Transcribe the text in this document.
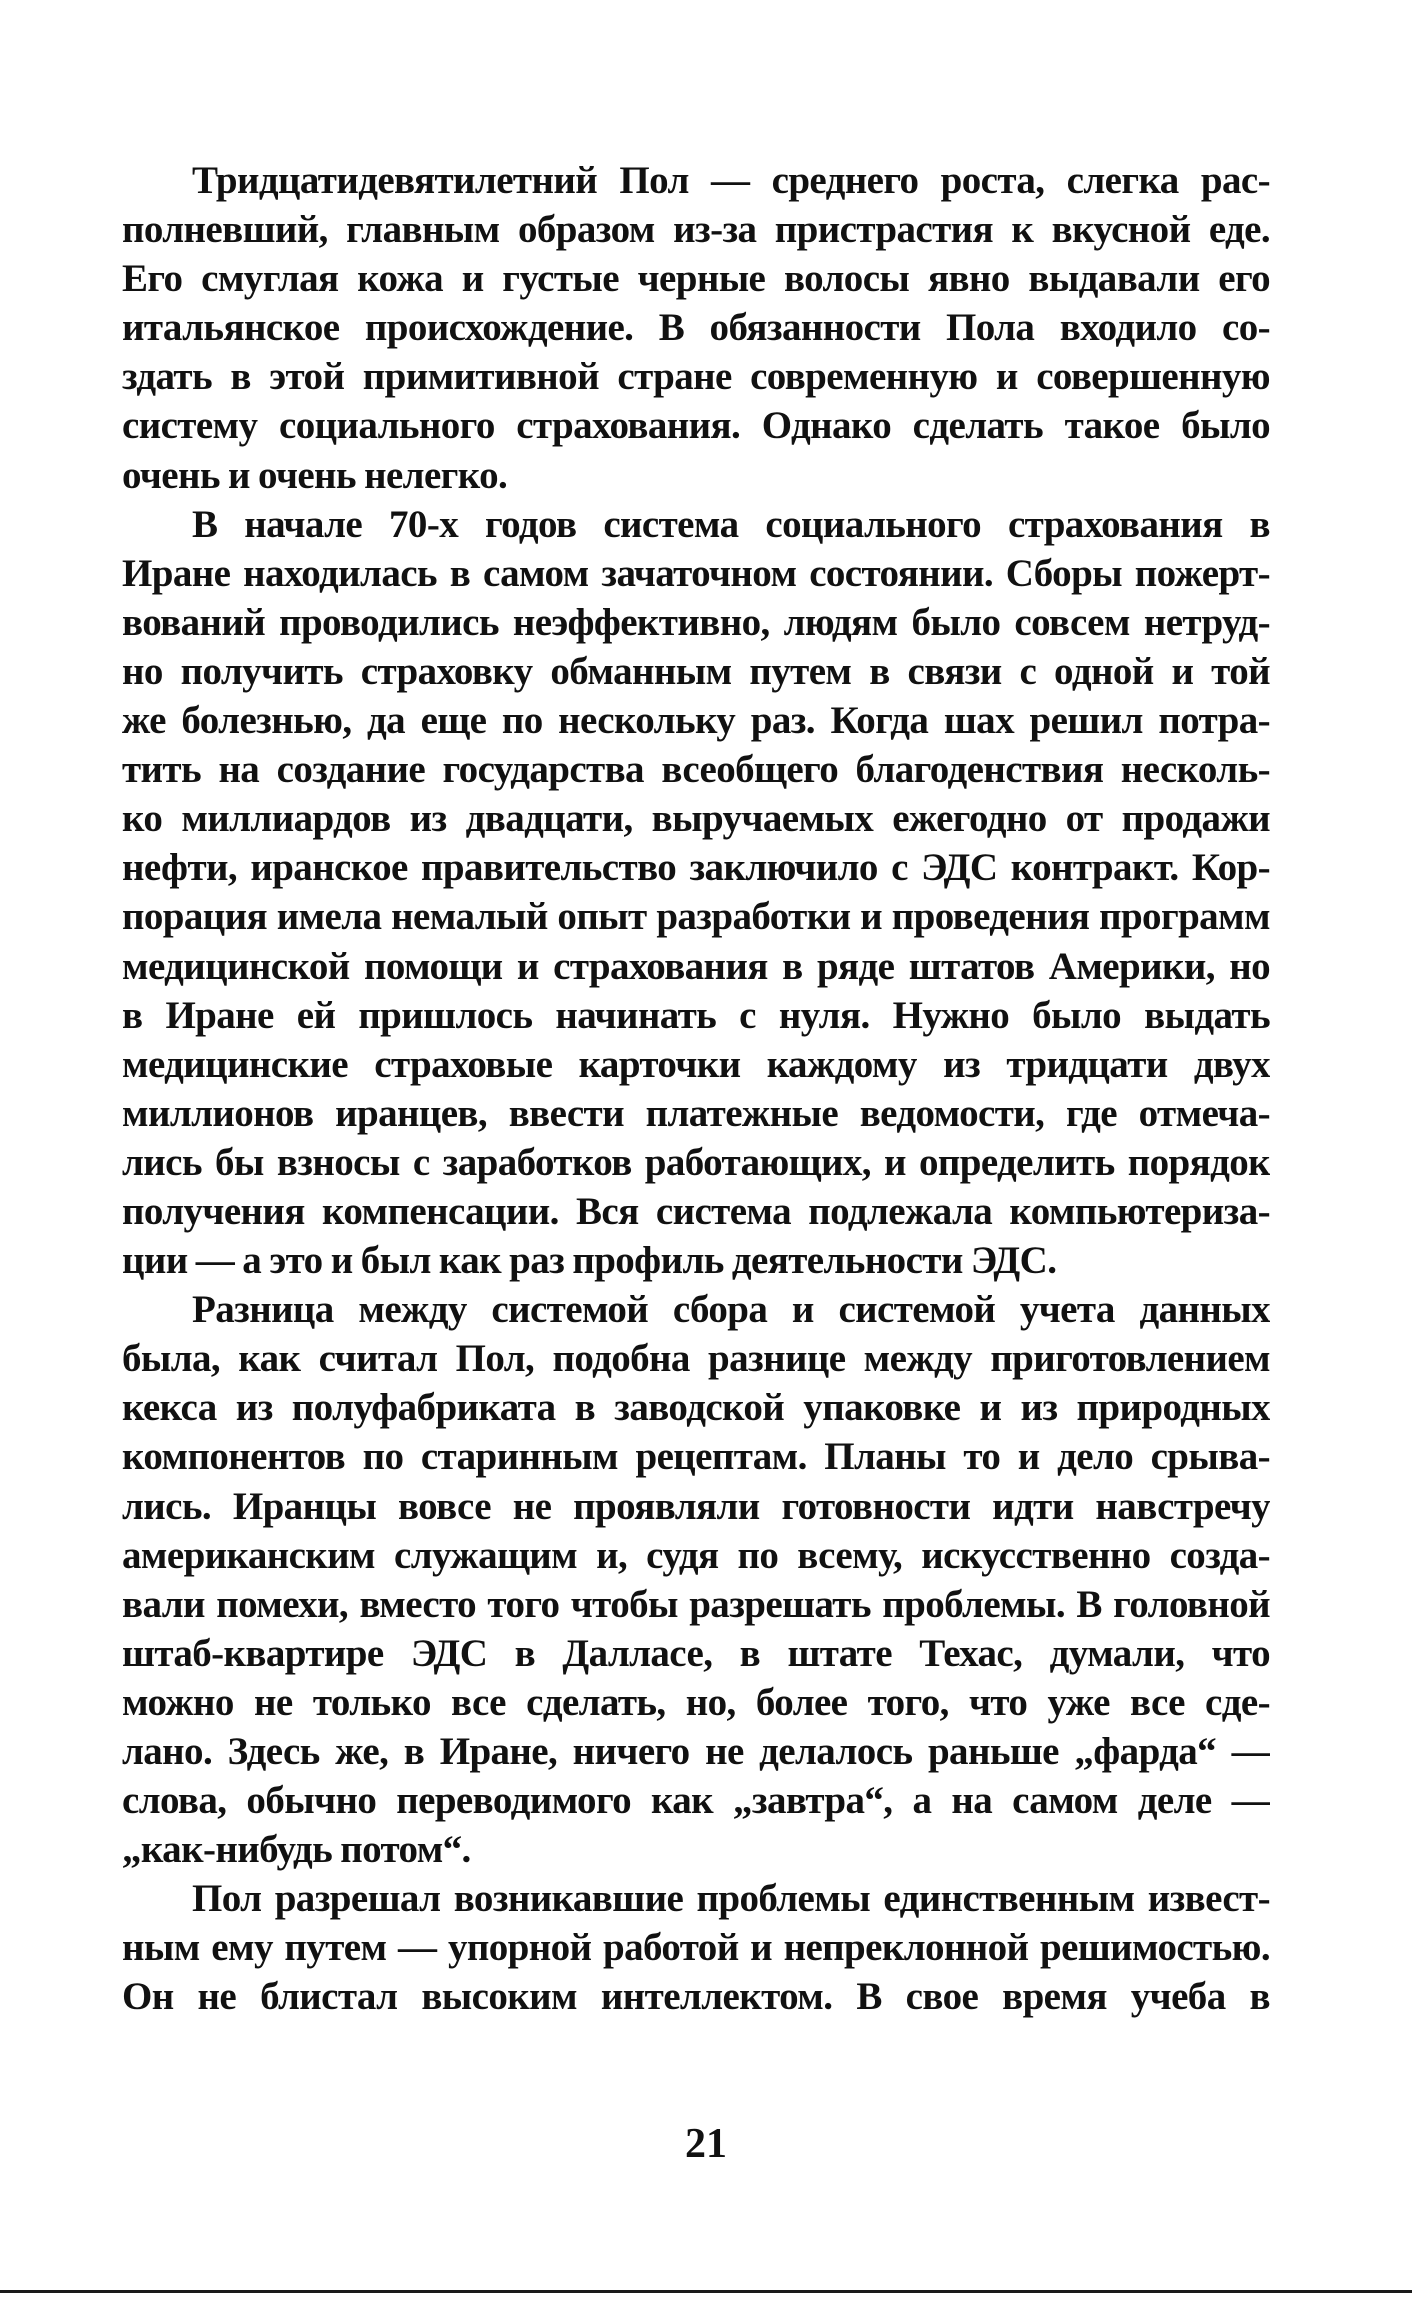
Тридцатидевятилетний Пол — среднего роста, слегка рас-
полневший, главным образом из-за пристрастия к вкусной еде.
Его смуглая кожа и густые черные волосы явно выдавали его
итальянское происхождение. В обязанности Пола входило со-
здать в этой примитивной стране современную и совершенную
систему социального страхования. Однако сделать такое было
очень и очень нелегко.

В начале 70-х годов система социального страхования в
Иране находилась в самом зачаточном состоянии. Сборы пожерт-
вований проводились неэффективно, людям было совсем нетруд-
но получить страховку обманным путем в связи с одной и той
же болезнью, да еще по нескольку раз. Когда шах решил потра-
тить на создание государства всеобщего благоденствия несколь-
ко миллиардов из двадцати, выручаемых ежегодно от продажи
нефти, иранское правительство заключило с ЭДС контракт. Кор-
порация имела немалый опыт разработки и проведения программ
медицинской помощи и страхования в ряде штатов Америки, но
в Иране ей пришлось начинать с нуля. Нужно было выдать
медицинские страховые карточки каждому из тридцати двух
миллионов иранцев, ввести платежные ведомости, где отмеча-
лись бы взносы с заработков работающих, и определить порядок
получения компенсации. Вся система подлежала компьютериза-
ции — а это и был как раз профиль деятельности ЭДС.

Разница между системой сбора и системой учета данных
была, как считал Пол, подобна разнице между приготовлением
кекса из полуфабриката в заводской упаковке и из природных
компонентов по старинным рецептам. Планы то и дело срыва-
лись. Иранцы вовсе не проявляли готовности идти навстречу
американским служащим и, судя по всему, искусственно созда-
вали помехи, вместо того чтобы разрешать проблемы. В головной
штаб-квартире ЭДС в Далласе, в штате Техас, думали, что
можно не только все сделать, но, более того, что уже все сде-
лано. Здесь же, в Иране, ничего не делалось раньше „фарда“ —
слова, обычно переводимого как „завтра“, а на самом деле —
„как-нибудь потом“.

Пол разрешал возникавшие проблемы единственным извест-
ным ему путем — упорной работой и непреклонной решимостью.
Он не блистал высоким интеллектом. В свое время учеба в

21
